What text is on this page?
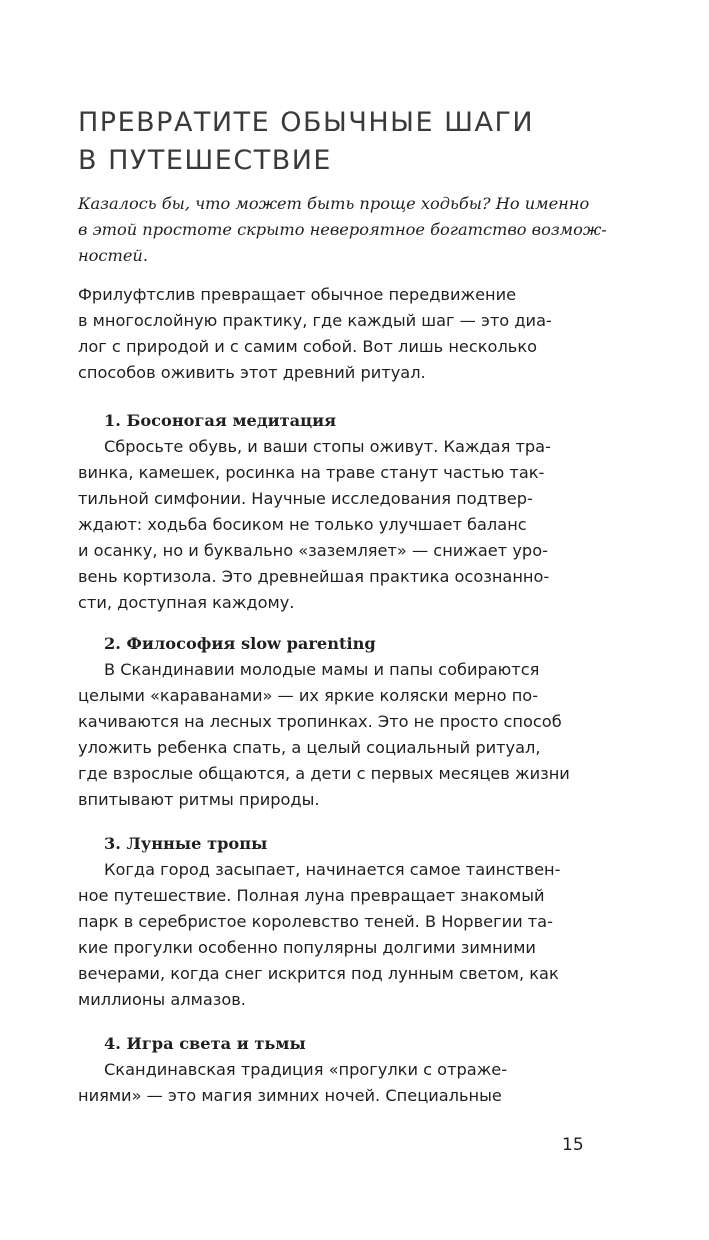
ПРЕВРАТИТЕ ОБЫЧНЫЕ ШАГИ
В ПУТЕШЕСТВИЕ
Казалось бы, что может быть проще ходьбы? Но именно
в этой простоте скрыто невероятное богатство возмож-
ностей.
Фрилуфтслив превращает обычное передвижение
в многослойную практику, где каждый шаг — это диа-
лог с природой и с самим собой. Вот лишь несколько
способов оживить этот древний ритуал.
1. Босоногая медитация
Сбросьте обувь, и ваши стопы оживут. Каждая тра-
винка, камешек, росинка на траве станут частью так-
тильной симфонии. Научные исследования подтвер-
ждают: ходьба босиком не только улучшает баланс
и осанку, но и буквально «заземляет» — снижает уро-
вень кортизола. Это древнейшая практика осознанно-
сти, доступная каждому.
2. Философия slow parenting
В Скандинавии молодые мамы и папы собираются
целыми «караванами» — их яркие коляски мерно по-
качиваются на лесных тропинках. Это не просто способ
уложить ребенка спать, а целый социальный ритуал,
где взрослые общаются, а дети с первых месяцев жизни
впитывают ритмы природы.
3. Лунные тропы
Когда город засыпает, начинается самое таинствен-
ное путешествие. Полная луна превращает знакомый
парк в серебристое королевство теней. В Норвегии та-
кие прогулки особенно популярны долгими зимними
вечерами, когда снег искрится под лунным светом, как
миллионы алмазов.
4. Игра света и тьмы
Скандинавская традиция «прогулки с отраже-
ниями» — это магия зимних ночей. Специальные
15
